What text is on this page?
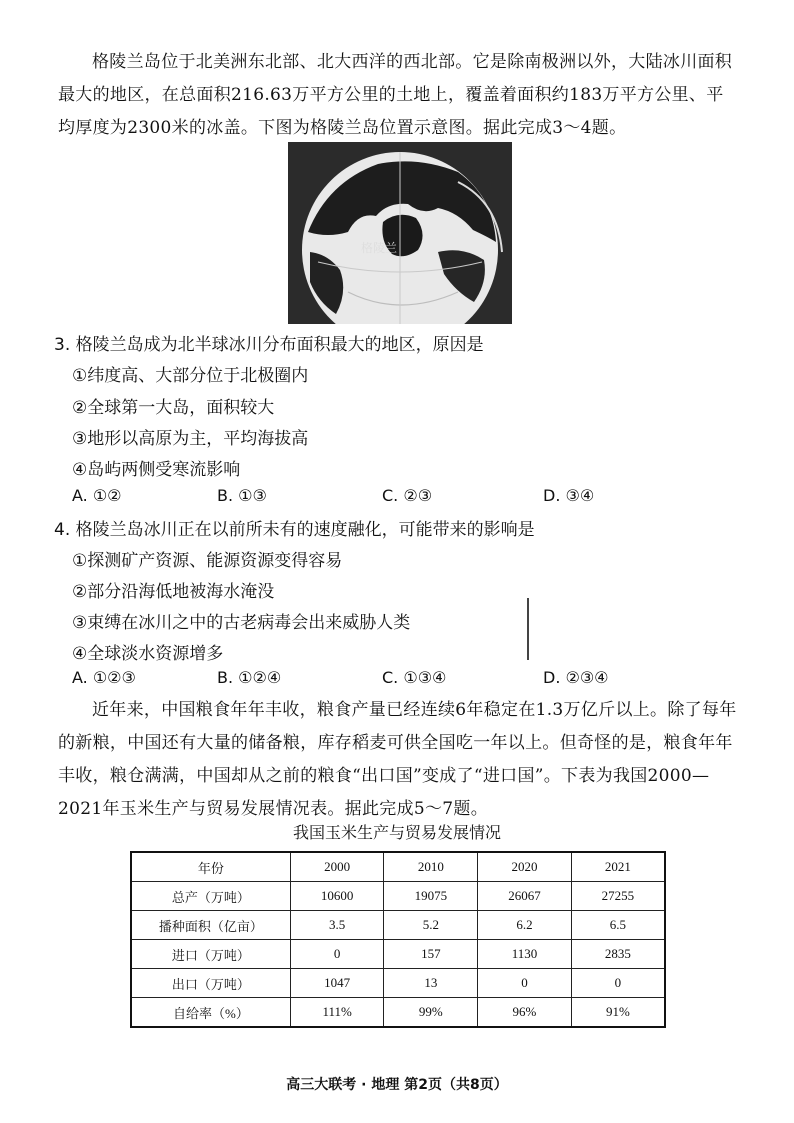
格陵兰岛位于北美洲东北部、北大西洋的西北部。它是除南极洲以外，大陆冰川面积最大的地区，在总面积216.63万平方公里的土地上，覆盖着面积约183万平方公里、平均厚度为2300米的冰盖。下图为格陵兰岛位置示意图。据此完成3～4题。
格陵兰
3. 格陵兰岛成为北半球冰川分布面积最大的地区，原因是
①纬度高、大部分位于北极圈内
②全球第一大岛，面积较大
③地形以高原为主，平均海拔高
④岛屿两侧受寒流影响
A. ①②	B. ①③	C. ②③	D. ③④
4. 格陵兰岛冰川正在以前所未有的速度融化，可能带来的影响是
①探测矿产资源、能源资源变得容易
②部分沿海低地被海水淹没
③束缚在冰川之中的古老病毒会出来威胁人类
④全球淡水资源增多
A. ①②③	B. ①②④	C. ①③④	D. ②③④
近年来，中国粮食年年丰收，粮食产量已经连续6年稳定在1.3万亿斤以上。除了每年的新粮，中国还有大量的储备粮，库存稻麦可供全国吃一年以上。但奇怪的是，粮食年年丰收，粮仓满满，中国却从之前的粮食“出口国”变成了“进口国”。下表为我国2000—2021年玉米生产与贸易发展情况表。据此完成5～7题。
我国玉米生产与贸易发展情况
年份	2000	2010	2020	2021
总产（万吨）	10600	19075	26067	27255
播种面积（亿亩）	3.5	5.2	6.2	6.5
进口（万吨）	0	157	1130	2835
出口（万吨）	1047	13	0	0
自给率（%）	111%	99%	96%	91%
高三大联考 · 地理 第2页（共8页）
